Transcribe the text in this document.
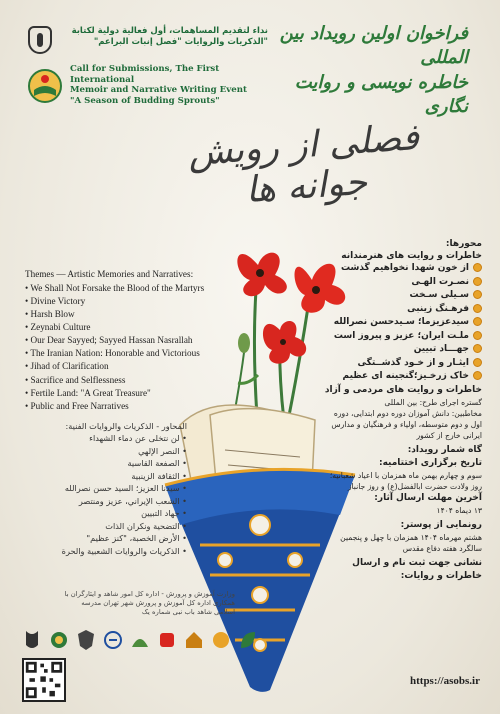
نداء لتقديم المساهمات، أول فعالية دولية لكتابة "الذكريات والروايات "فصل إنبات البراعم"
Call for Submissions, The First International
Memoir and Narrative Writing Event
"A Season of Budding Sprouts"
فراخوان اولین رویداد بین المللی
خاطره نویسی و روایت نگاری
فصلی از رویش جوانه ها
Themes — Artistic Memories and Narratives:
• We Shall Not Forsake the Blood of the Martyrs
• Divine Victory
• Harsh Blow
• Zeynabi Culture
• Our Dear Sayyed; Sayyed Hassan Nasrallah
• The Iranian Nation: Honorable and Victorious
• Jihad of Clarification
• Sacrifice and Selflessness
• Fertile Land: "A Great Treasure"
• Public and Free Narratives
المحاور - الذكريات والروايات الفنية:
• لن نتخلى عن دماء الشهداء
• النصر الإلهي
• الصفعة القاسية
• الثقافة الزينبية
• سيدنا العزيز؛ السيد حسن نصرالله
• الشعب الإيراني، عزيز ومنتصر
• جهاد التبيين
• التضحية ونكران الذات
• الأرض الخصبة، "كنز عظيم"
• الذكريات والروايات الشعبية والحرة
محورها:
خاطرات و روایت های هنرمندانه
از خون شهدا نخواهیم گذشت
نصـرت الهـی
سـیلی سـخت
فرهـنگ زینبی
سیدعزیزما؛ سـیدحسن نصرالله
ملـت ایران؛ عزیز و پیروز است
جهـــاد تبیین
ایثـار و از خـود گذشــتگی
خاک زرخـیز؛گنجینه ای عظیم
خاطرات و روایت های مردمی و آزاد
گستره اجرای طرح: بین المللی
مخاطبین: دانش آموزان دوره دوم ابتدایی، دوره اول و دوم متوسطه، اولیاء و فرهنگیان و مدارس ایرانی خارج از کشور
گاه شمار رویداد:
تاریخ برگزاری اختتامیه:
سوم و چهارم بهمن ماه همزمان با اعیاد شعبانیه؛ روز ولادت حضرت ابالفضل(ع) و روز جانباز
آخرین مهلت ارسال آثار:
۱۳ دیماه ۱۴۰۴
رونمایی از پوستر:
هشتم مهرماه ۱۴۰۴ همزمان با چهل و پنجمین سالگرد هفته دفاع مقدس
نشانی جهت ثبت نام و ارسال خاطرات و روایات:
https://asobs.ir
وزارت آموزش و پرورش - اداره کل امور شاهد و ایثارگران با همکاری اداره کل آموزش و پرورش شهر تهران مدرسه اسلامی شاهد باب نبی شماره یک
